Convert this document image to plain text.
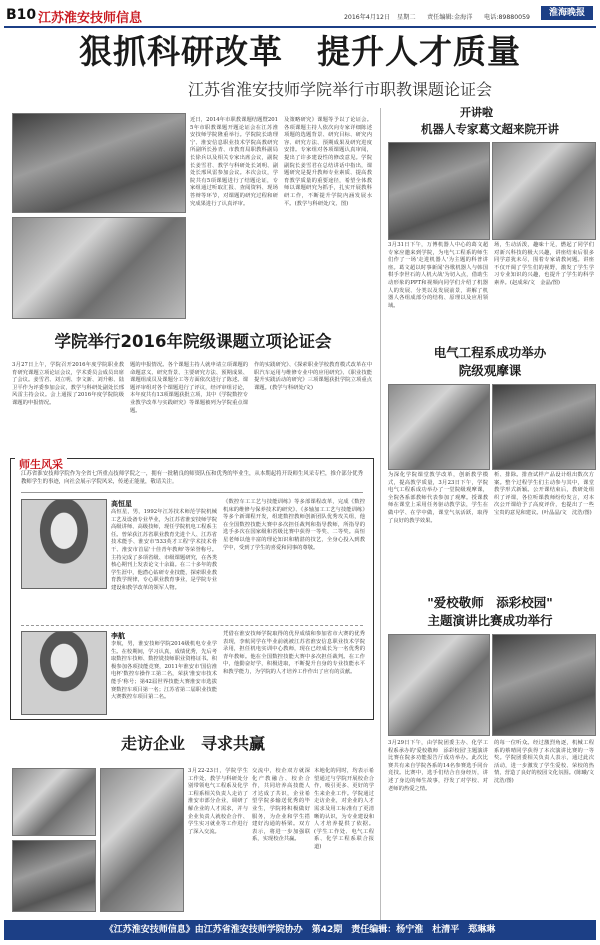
B10 江苏淮安技师信息	2016年4月12日 星期二 责任编辑:金海洋 电话:89880059	淮海晚报
狠抓科研改革　提升人才质量
江苏省淮安技师学院举行市职教课题论证会
近日，2014年市职教课题结题暨2015年市职教课题开题论证会在江苏淮安技师学院隆重举行。学院院长助理宁、淮安信息职业技术学院高教研究所副所长孙青、市教育局职教科副局长徐兵以及相关专家出席会议，副院长姜雪君、教学与科研处长刘明、副处长邢风雷参加会议。本次会议，学院共有5项课题进行了结题论证，专家组通过听取汇报、查阅资料、现场答辩等环节，对课题的研究过程和研究成果进行了认真评审。
及策略研究》课题等予以了论证会。各项课题主持人依次向专家详细陈述项题的选题背景、研究目标、研究内容、研究方法、预期成果及研究进度安排。专家组对各项课题认真审阅，提出了许多建设性的修改意见。学院副院长姜雪君在总结讲话中指出，课题研究是提升教师专业素质、提高教育教学质量的重要途径，希望全体教师以课题研究为抓手，扎实开展教科研工作，不断提升学院内涵发展水平。(教学与科研处/文、图)
学院举行2016年院级课题立项论证会
3月27日上午，学院召开2016年度学院职业教育研究课题立项论证会议，学术委员会成员出席了会议。姜雪君、刘立明、李文新、刘升彬、陆卫平作为评委参加会议，教学与科研处副处长邢风雷主持会议。会上通报了2016年度学院院级课题的申报情况。
题的申报情况。各个课题主持人就申请立项课题的命题意义、研究背景、主要研究方法、预期成果、课题组成员及课题分工等方面依次进行了陈述。课题评审组对各个课题进行了评议，经评审组讨论，本年度共有13项课题获批立项，其中《学院数控专业教学改革与实践研究》等课题被列为学院重点课题。
作的实践研究》、《探索职业学校教育模式改革在中职汽车运用与维修专业中的应用研究》、《职业技能提升实践活动的研究》三项课题获批学院立项重点课题。(教学与科研处/文)
师生风采
江苏省淮安技师学院作为全省七所重点技师学院之一，拥有一批精良的师资队伍和优秀的毕业生，从本期起将开设师生风采专栏，推介部分优秀教师学生的事迹，向社会展示学院风采，传递正能量，敬请关注。
高恒星
高恒星，男，1992年江苏技术师范学院机械工艺及设备专业毕业，为江苏省淮安技师学院高级讲师、高级技师，现任学院机电工程系主任。曾荣获江苏省职业教育先进个人、江苏省技术能手、淮安市'533英才工程'学术技术骨干、淮安市首届'十佳青年教师'等荣誉称号。主持完成了多项省级、市级课题研究，在各类核心期刊上发表论文十余篇。在二十多年的教学生涯中，他潜心钻研专业技能，探索职业教育教学规律，专心职业教育事业，是学院专业建设和教学改革的领军人物。
《数控车工工艺与技能训练》等多部课程改革，完成《数控机床的维修与保养技术的研究》、《多轴加工工艺与技能训练》等多个新课程开发，组建数控教师创新团队优秀攻关组，他在全国数控技能大赛中多次担任裁判和指导教师，所指导的选手多次在国家级和省级比赛中获得一等奖、二等奖。高恒星老师以他丰富的理论知识和精湛的技艺，全身心投入到教学中，受到了学生的喜爱和同事的尊敬。
李航
李航，男，淮安技师学院2014级机电专业学生。在校期间，学习认真，成绩优秀，先后考取数控车技师、数控铣技师职业资格证书。积极参加各项技能竞赛，2011年淮安市'国信淮电杯'数控车操作工第二名，荣获'淮安市技术能手'称号；第42届世界技能大赛淮安市选拔赛数控车项目第一名；江苏省第二届职业技能大赛数控车项目第二名。
凭借在淮安技师学院取得的优异成绩和参加省市大赛的优秀表现，李航同学在毕业前就被江苏省淮安信息职业技术学院录用，担任机电实训中心教师，现在已经成长为一名优秀的青年教师。他在全国数控技能大赛中多次担任裁判。在工作中，他勤奋好学，积极进取，不断提升自身的专业技能水平和教学能力，为学院的人才培养工作作出了应有的贡献。
走访企业　寻求共赢
3月22-23日，学院学生工作处、教学与科研处分别带领电气工程系及化学工程系相关负责人走访了淮安市部分企业，调研了解企业的人才需求，并与企业负责人就校企合作、学生实习就业等工作进行了深入交流。
交流中，校企双方就深化产教融合、校企合作，共同培养高技能人才达成了共识，企业希望学院多输送优秀的毕业生，学院将积极做好服务，为企业和学生搭建好沟通的桥梁。双方表示，将进一步加强联系，实现校企共赢。
本地化的同时，均表示希望通过与学院开展校企合作，吸引更多、更好的学生来企业工作。学院通过走访企业，对企业的人才需求及用工标准有了更清晰的认识，为专业建设和人才培养提供了依据。(学生工作处、电气工程系、化学工程系联合报道)
开讲啦
机器人专家葛文超来院开讲
3月31日下午，万博机器人中心的葛文超专家应邀来到学院，为电气工程系的师生们作了一场'走进机器人'为主题的科普讲座。葛文超以时事新闻'谷歌机器人与韩国棋手李世石的人机大战'为切入点，借助生动形象的PPT和视频向同学们介绍了机器人的发展、分类以及发展前景，讲解了机器人各组成部分的结构、原理以及应用领域。
场，生动活泼，趣味十足，燃起了同学们对新兴科技的极大兴趣，讲座结束后很多同学意犹未尽，围着专家请教问题。讲座不仅开阔了学生们的视野，激发了学生学习专业知识的兴趣，也提升了学生的科学素养。(赵成荣/文　金晶/图)
电气工程系成功举办
院级观摩课
为深化学院课堂教学改革，创新教学模式，提高教学质量，3月23日下午，学院电气工程系成功举办了一堂院级观摩课，全院各系部教师代表参加了观摩。授课教师在课堂上采用任务驱动教学法，学生在做中学、在学中做，课堂气氛活跃，取得了良好的教学效果。
析、排除。排查试样产品设计组出数次方案。整个过程学生们主动参与其中，课堂教学形式新颖。公开课结束后，教研处组织了评课，各位听课教师纷纷发言，对本次公开课给予了高度评价，也提出了一些宝贵的意见和建议。(叶晶晶/文　沈浩/图)
"爱校敬师　添彩校园"
主题演讲比赛成功举行
3月29日下午，由学院团委主办、化学工程系承办的'爱校敬师　添彩校园'主题演讲比赛在院多功能报告厅成功举办。此次比赛共有来自学院各系的14名参赛选手同台竞技。比赛中，选手们结合自身经历，讲述了身边的师生故事，抒发了对学校、对老师的热爱之情。
的每一位听众。经过激烈角逐，机械工程系的蔡晴同学获得了本次演讲比赛的一等奖。学院团委相关负责人表示，通过此次活动，进一步激发了学生爱校、荣校的热情，营造了良好的校园文化氛围。(陈曦/文　沈浩/图)
《江苏淮安技师信息》由江苏省淮安技师学院协办　第42期　责任编辑：杨宁淮　杜清平　郑琳琳
